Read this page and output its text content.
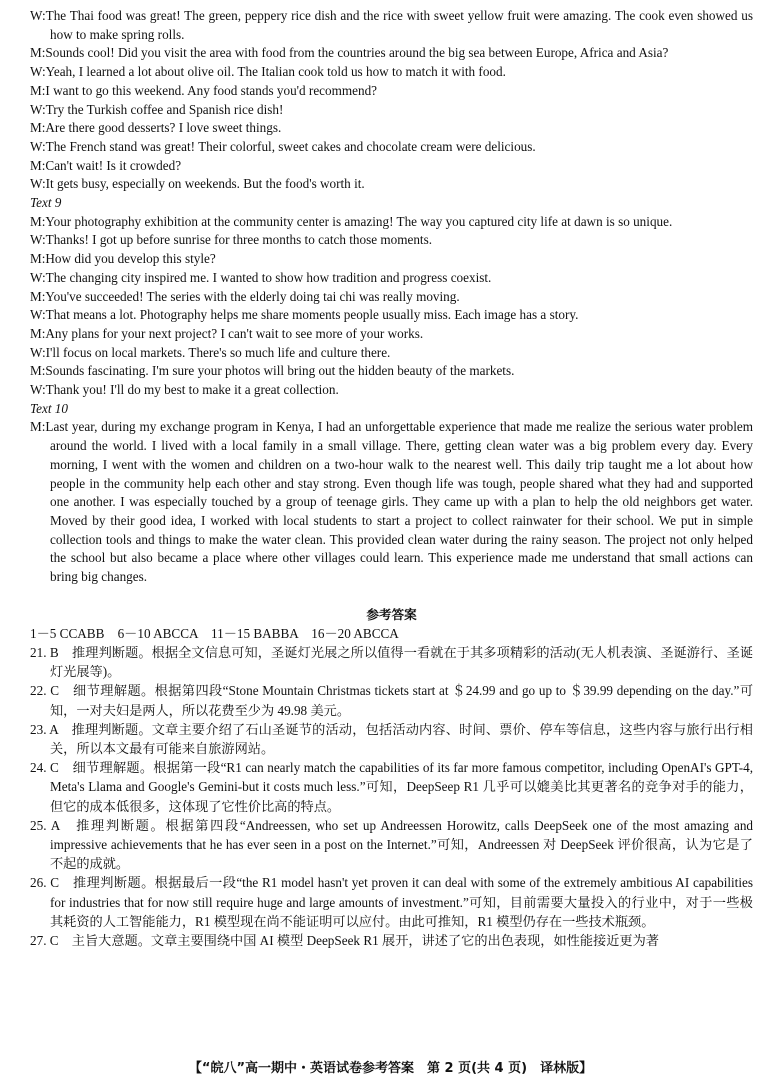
W:The Thai food was great! The green, peppery rice dish and the rice with sweet yellow fruit were amazing. The cook even showed us how to make spring rolls.
M:Sounds cool! Did you visit the area with food from the countries around the big sea between Europe, Africa and Asia?
W:Yeah, I learned a lot about olive oil. The Italian cook told us how to match it with food.
M:I want to go this weekend. Any food stands you'd recommend?
W:Try the Turkish coffee and Spanish rice dish!
M:Are there good desserts? I love sweet things.
W:The French stand was great! Their colorful, sweet cakes and chocolate cream were delicious.
M:Can't wait! Is it crowded?
W:It gets busy, especially on weekends. But the food's worth it.
Text 9
M:Your photography exhibition at the community center is amazing! The way you captured city life at dawn is so unique.
W:Thanks! I got up before sunrise for three months to catch those moments.
M:How did you develop this style?
W:The changing city inspired me. I wanted to show how tradition and progress coexist.
M:You've succeeded! The series with the elderly doing tai chi was really moving.
W:That means a lot. Photography helps me share moments people usually miss. Each image has a story.
M:Any plans for your next project? I can't wait to see more of your works.
W:I'll focus on local markets. There's so much life and culture there.
M:Sounds fascinating. I'm sure your photos will bring out the hidden beauty of the markets.
W:Thank you! I'll do my best to make it a great collection.
Text 10
M:Last year, during my exchange program in Kenya, I had an unforgettable experience that made me realize the serious water problem around the world. I lived with a local family in a small village. There, getting clean water was a big problem every day. Every morning, I went with the women and children on a two-hour walk to the nearest well. This daily trip taught me a lot about how people in the community help each other and stay strong. Even though life was tough, people shared what they had and supported one another. I was especially touched by a group of teenage girls. They came up with a plan to help the old neighbors get water. Moved by their good idea, I worked with local students to start a project to collect rainwater for their school. We put in simple collection tools and things to make the water clean. This provided clean water during the rainy season. The project not only helped the school but also became a place where other villages could learn. This experience made me understand that small actions can bring big changes.
参考答案
1－5 CCABB　6－10 ABCCA　11－15 BABBA　16－20 ABCCA
21. B　 推理判断题。根据全文信息可知，圣诞灯光展之所以值得一看就在于其多项精彩的活动(无人机表演、圣诞游行、圣诞灯光展等)。
22. C　 细节理解题。根据第四段“Stone Mountain Christmas tickets start at ＄24.99 and go up to ＄39.99 depending on the day.”可知，一对夫妇是两人，所以花费至少为 49.98 美元。
23. A　 推理判断题。文章主要介绍了石山圣诞节的活动，包括活动内容、时间、票价、停车等信息，这些内容与旅行出行相关，所以本文最有可能来自旅游网站。
24. C　 细节理解题。根据第一段“R1 can nearly match the capabilities of its far more famous competitor, including OpenAI's GPT-4, Meta's Llama and Google's Gemini-but it costs much less.”可知，DeepSeep R1 几乎可以媲美比其更著名的竞争对手的能力，但它的成本低很多，这体现了它性价比高的特点。
25. A　 推理判断题。根据第四段“Andreessen, who set up Andreessen Horowitz, calls DeepSeek one of the most amazing and impressive achievements that he has ever seen in a post on the Internet.”可知，Andreessen 对 DeepSeek 评价很高，认为它是了不起的成就。
26. C　 推理判断题。根据最后一段“the R1 model hasn't yet proven it can deal with some of the extremely ambitious AI capabilities for industries that for now still require huge and large amounts of investment.”可知，目前需要大量投入的行业中，对于一些极其耗资的人工智能能力，R1 模型现在尚不能证明可以应付。由此可推知，R1 模型仍存在一些技术瓶颈。
27. C　 主旨大意题。文章主要围绕中国 AI 模型 DeepSeek R1 展开，讲述了它的出色表现，如性能接近更为著
【“皖八”高一期中・英语试卷参考答案　第 2 页(共 4 页)　译林版】
